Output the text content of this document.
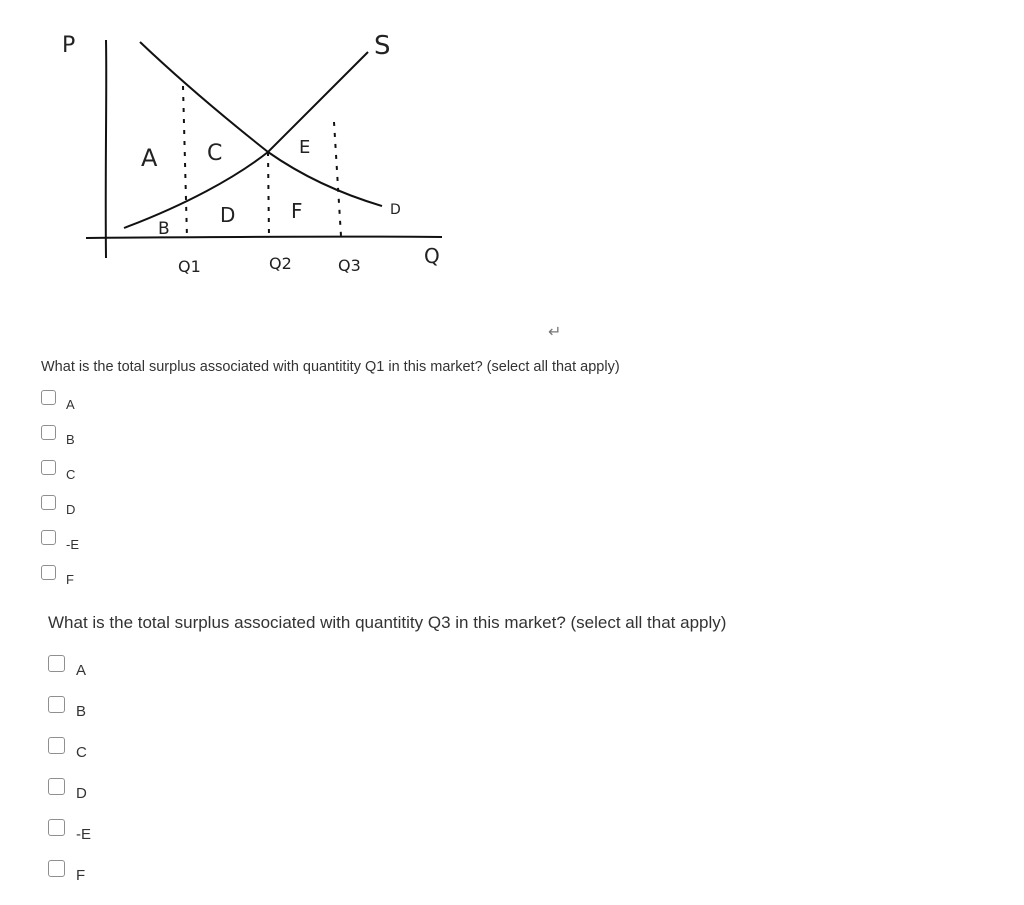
P	S
D
Q
A C	E
B
D	F
Q1	Q2	Q3
↵

What is the total surplus associated with quantitity Q1 in this market? (select all that apply)

A
B
C
D
-E
F

What is the total surplus associated with quantitity Q3 in this market? (select all that apply)

A
B
C
D
-E
F
